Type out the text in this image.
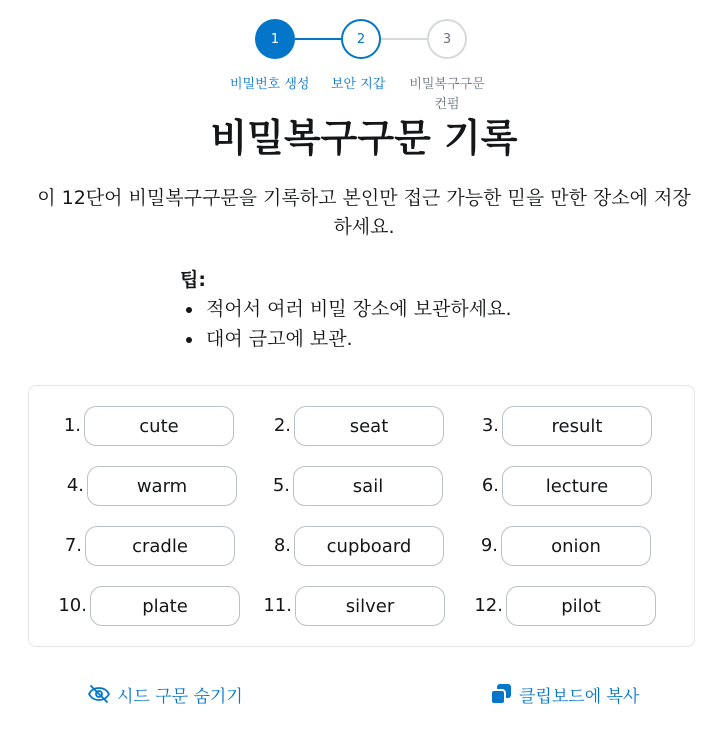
1	2	3
비밀번호 생성 보안 지갑	비밀복구구문 컨펌
비밀복구구문 기록
이 12단어 비밀복구구문을 기록하고 본인만 접근 가능한 믿을 만한 장소에 저장하세요.
팁:
• 적어서 여러 비밀 장소에 보관하세요.
• 대여 금고에 보관.
1.	cute	2.	seat	3.	result
4.	warm	5.	sail	6.	lecture
7.	cradle	8.	cupboard	9.	onion
10.	plate	11.	silver	12.	pilot
시드 구문 숨기기	클립보드에 복사
